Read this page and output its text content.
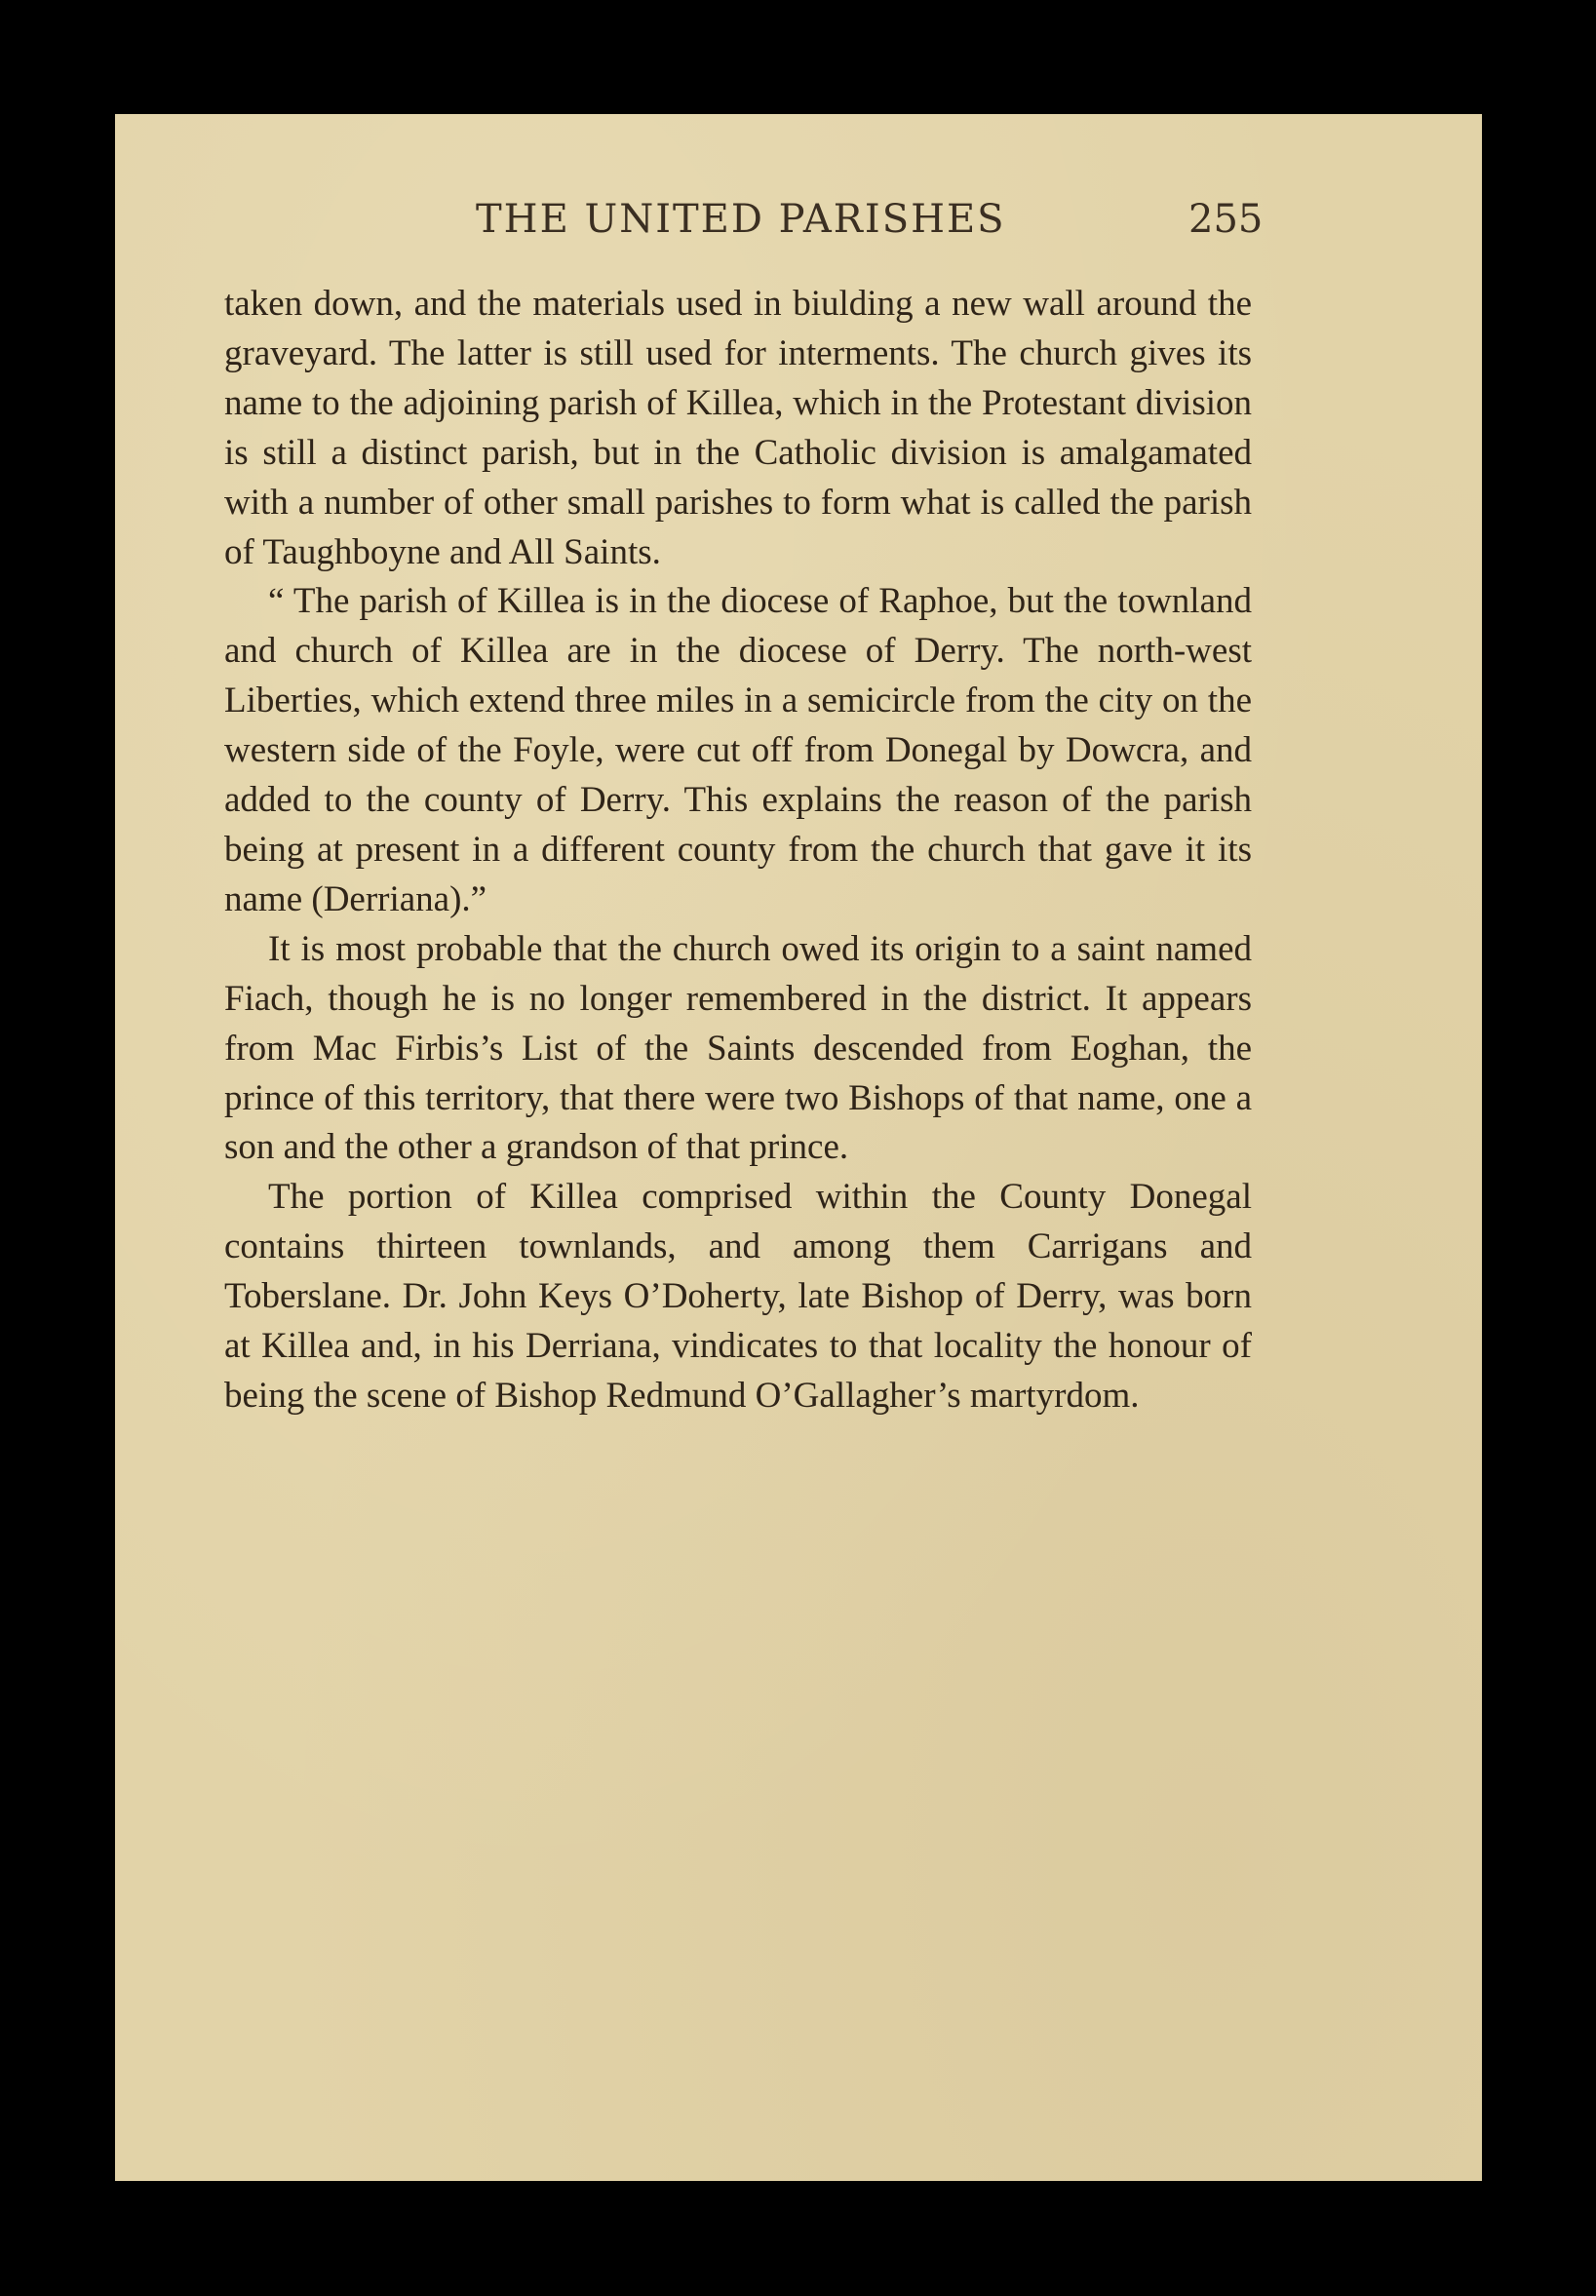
THE UNITED PARISHES	255

taken down, and the materials used in biulding a new wall around the graveyard. The latter is still used for interments. The church gives its name to the adjoining parish of Killea, which in the Protestant division is still a distinct parish, but in the Catholic division is amalgamated with a number of other small parishes to form what is called the parish of Taughboyne and All Saints.

“ The parish of Killea is in the diocese of Raphoe, but the townland and church of Killea are in the diocese of Derry. The north-west Liberties, which extend three miles in a semicircle from the city on the western side of the Foyle, were cut off from Donegal by Dowcra, and added to the county of Derry. This explains the reason of the parish being at present in a different county from the church that gave it its name (Derriana).”

It is most probable that the church owed its origin to a saint named Fiach, though he is no longer remembered in the district. It appears from Mac Firbis’s List of the Saints descended from Eoghan, the prince of this territory, that there were two Bishops of that name, one a son and the other a grandson of that prince.

The portion of Killea comprised within the County Donegal contains thirteen townlands, and among them Carrigans and Toberslane. Dr. John Keys O’Doherty, late Bishop of Derry, was born at Killea and, in his Derriana, vindicates to that locality the honour of being the scene of Bishop Redmund O’Gallagher’s martyrdom.
